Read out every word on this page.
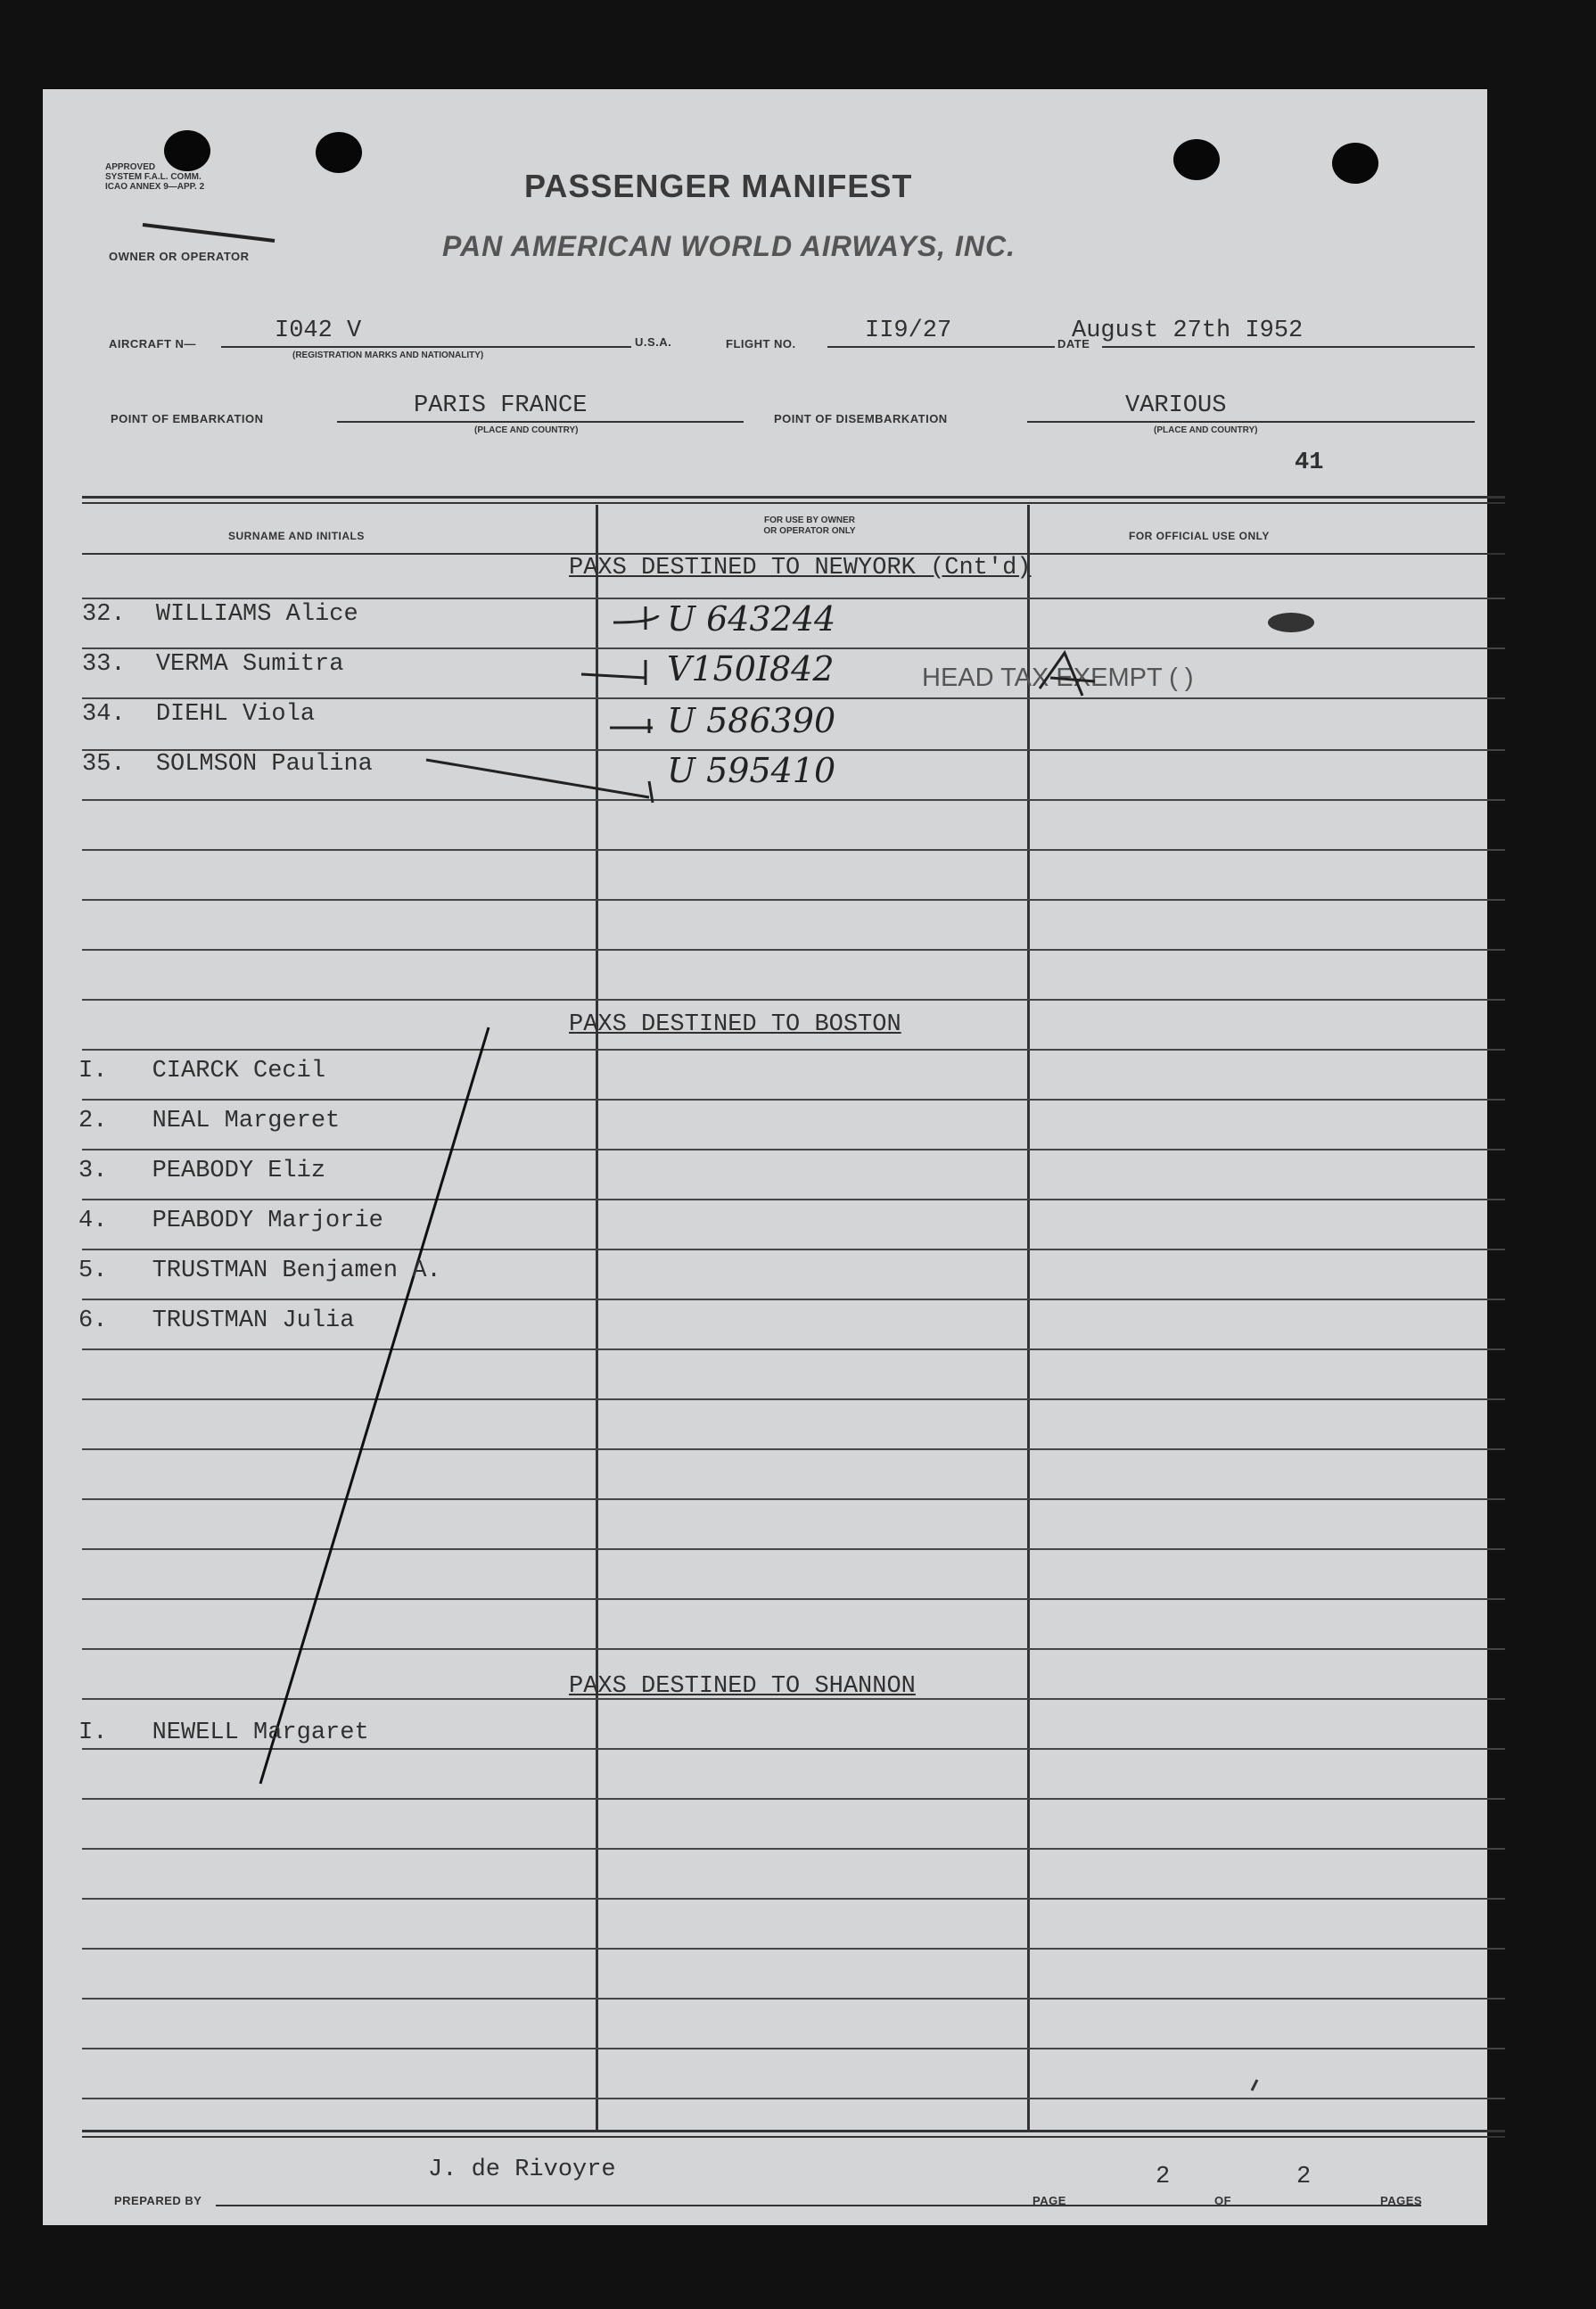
APPROVED
SYSTEM F.A.L. COMM.
ICAO ANNEX 9—APP. 2
OWNER OR OPERATOR
PASSENGER MANIFEST
PAN AMERICAN WORLD AIRWAYS, INC.
AIRCRAFT N—	I042 V
(REGISTRATION MARKS AND NATIONALITY)
U.S.A.	FLIGHT NO.	II9/27	DATE
August 27th I952
POINT OF EMBARKATION	PARIS FRANCE
(PLACE AND COUNTRY)
POINT OF DISEMBARKATION	VARIOUS
(PLACE AND COUNTRY)
41
SURNAME AND INITIALS
FOR USE BY OWNER
OR OPERATOR ONLY	FOR OFFICIAL USE ONLY
PAXS DESTINED TO NEWYORK (Cnt'd)
32. WILLIAMS Alice	U 643244
33. VERMA Sumitra	V150I842	HEAD TAX EXEMPT ( )
34. DIEHL Viola	U 586390
35. SOLMSON Paulina	U 595410
PAXS DESTINED TO BOSTON
I. CIARCK Cecil
2. NEAL Margeret
3. PEABODY Eliz
4. PEABODY Marjorie
5. TRUSTMAN Benjamen A.
6. TRUSTMAN Julia
PAXS DESTINED TO SHANNON
I. NEWELL Margaret
PREPARED BY
J. de Rivoyre
PAGE
2
OF
2
PAGES
